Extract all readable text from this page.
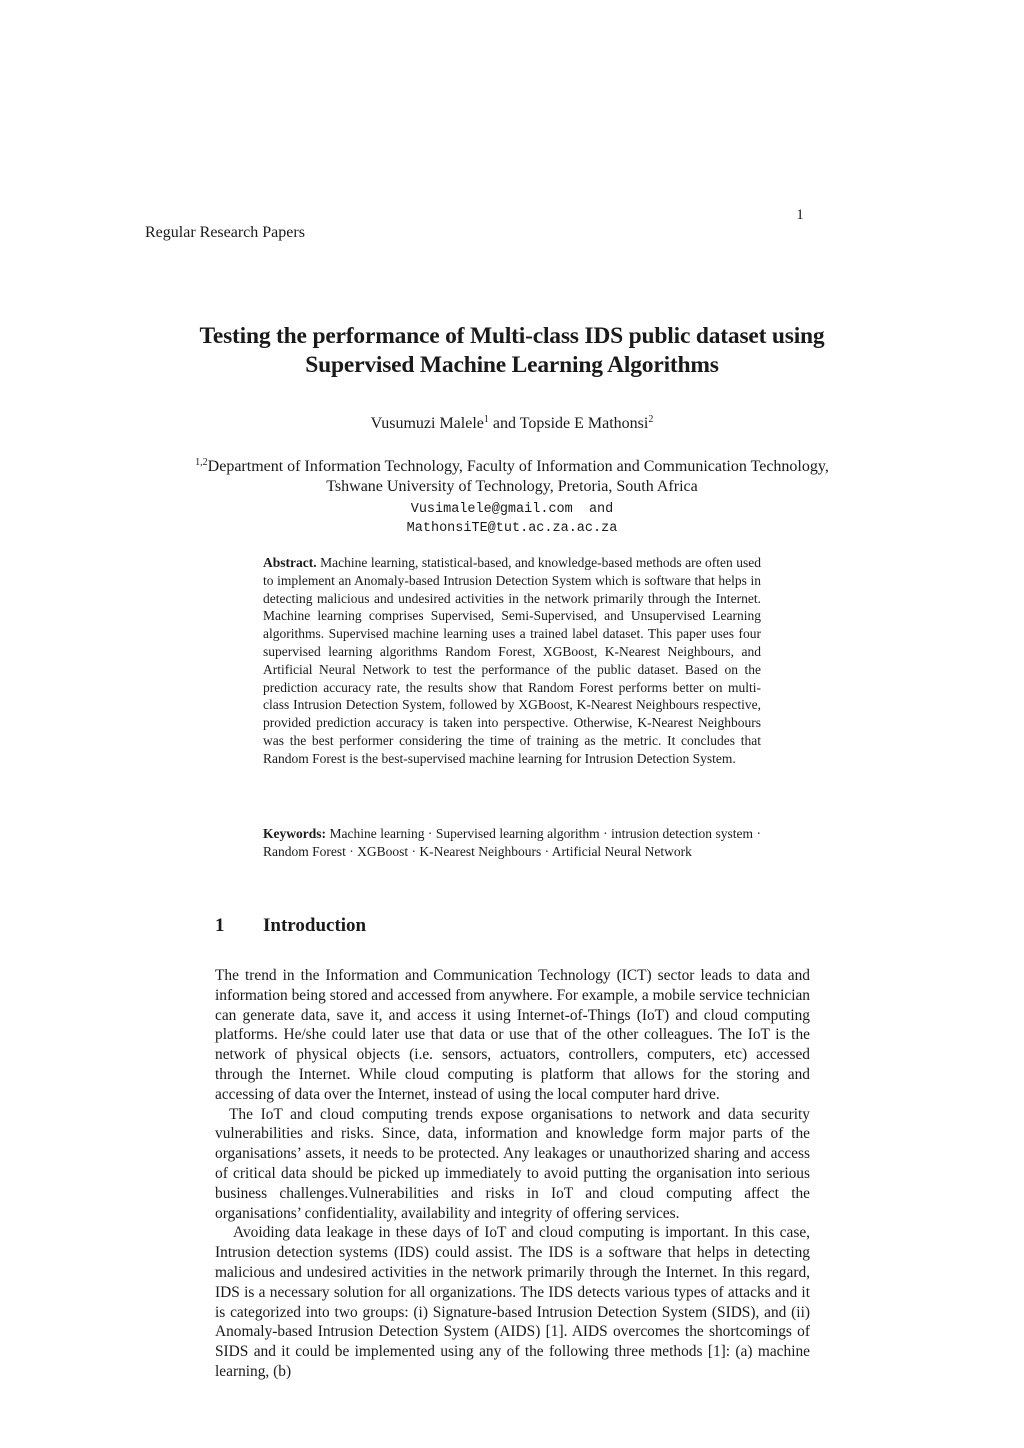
1
Regular Research Papers
Testing the performance of Multi-class IDS public dataset using
Supervised Machine Learning Algorithms
Vusumuzi Malele$^1$ and Topside E Mathonsi$^2$
$^{1,2}$Department of Information Technology, Faculty of Information and Communication Technology,
Tshwane University of Technology, Pretoria, South Africa
Vusimalele@gmail.com  and
MathonsiTE@tut.ac.za.ac.za
Abstract. Machine learning, statistical-based, and knowledge-based methods are often used to implement an Anomaly-based Intrusion Detection System which is software that helps in detecting malicious and undesired activities in the network primarily through the Internet. Machine learning comprises Supervised, Semi-Supervised, and Unsupervised Learning algorithms. Supervised machine learning uses a trained label dataset. This paper uses four supervised learning algorithms Random Forest, XGBoost, K-Nearest Neighbours, and Artificial Neural Network to test the performance of the public dataset. Based on the prediction accuracy rate, the results show that Random Forest performs better on multi-class Intrusion Detection System, followed by XGBoost, K-Nearest Neighbours respective, provided prediction accuracy is taken into perspective. Otherwise, K-Nearest Neighbours was the best performer considering the time of training as the metric. It concludes that Random Forest is the best-supervised machine learning for Intrusion Detection System.
Keywords: Machine learning · Supervised learning algorithm · intrusion detection system · Random Forest · XGBoost · K-Nearest Neighbours · Artificial Neural Network
1 Introduction

The trend in the Information and Communication Technology (ICT) sector leads to data and information being stored and accessed from anywhere. For example, a mobile service technician can generate data, save it, and access it using Internet-of-Things (IoT) and cloud computing platforms. He/she could later use that data or use that of the other colleagues. The IoT is the network of physical objects (i.e. sensors, actuators, controllers, computers, etc) accessed through the Internet. While cloud computing is platform that allows for the storing and accessing of data over the Internet, instead of using the local computer hard drive.

The IoT and cloud computing trends expose organisations to network and data security vulnerabilities and risks. Since, data, information and knowledge form major parts of the organisations’ assets, it needs to be protected. Any leakages or unauthorized sharing and access of critical data should be picked up immediately to avoid putting the organisation into serious business challenges.Vulnerabilities and risks in IoT and cloud computing affect the organisations’ confidentiality, availability and integrity of offering services.

Avoiding data leakage in these days of IoT and cloud computing is important. In this case, Intrusion detection systems (IDS) could assist. The IDS is a software that helps in detecting malicious and undesired activities in the network primarily through the Internet. In this regard, IDS is a necessary solution for all organizations. The IDS detects various types of attacks and it is categorized into two groups: (i) Signature-based Intrusion Detection System (SIDS), and (ii) Anomaly-based Intrusion Detection System (AIDS) [1]. AIDS overcomes the shortcomings of SIDS and it could be implemented using any of the following three methods [1]: (a) machine learning, (b)
